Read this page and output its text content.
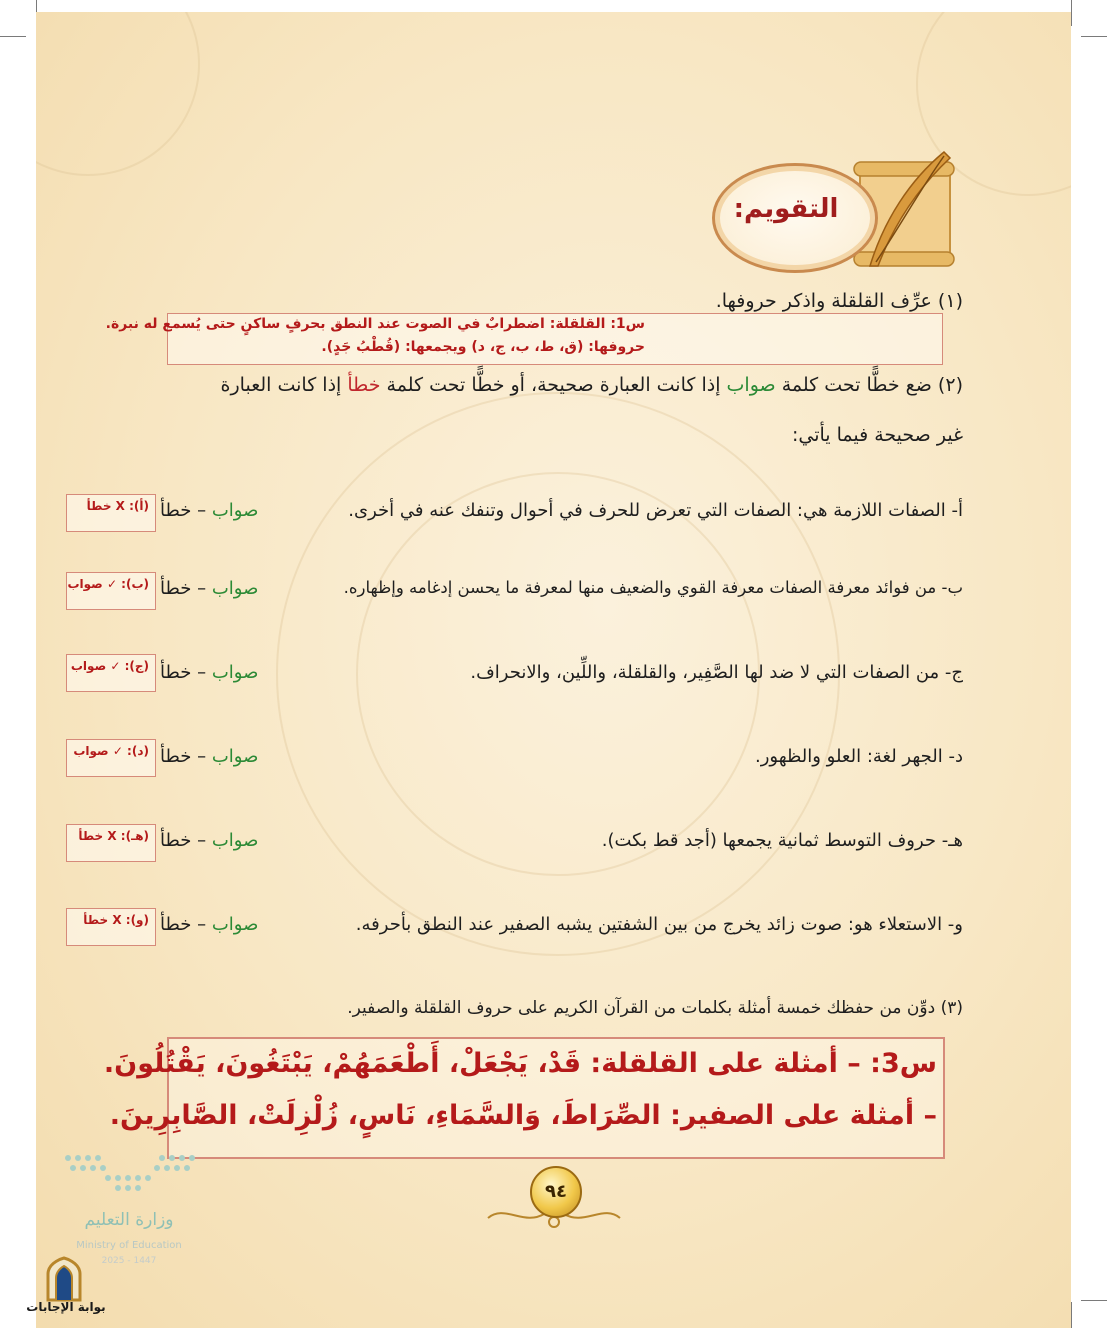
التقويم:
(١) عرِّف القلقلة واذكر حروفها.
س1: القلقلة: اضطرابٌ في الصوت عند النطق بحرفٍ ساكنٍ حتى يُسمع له نبرة.
حروفها: (ق، ط، ب، ج، د) ويجمعها: (قُطْبُ جَدٍ).
(٢) ضع خطًّا تحت كلمة صواب إذا كانت العبارة صحيحة، أو خطًّا تحت كلمة خطأ إذا كانت العبارة
غير صحيحة فيما يأتي:
أ- الصفات اللازمة هي: الصفات التي تعرض للحرف في أحوال وتنفك عنه في أخرى.
ب- من فوائد معرفة الصفات معرفة القوي والضعيف منها لمعرفة ما يحسن إدغامه وإظهاره.
ج- من الصفات التي لا ضد لها الصَّفِير، والقلقلة، واللِّين، والانحراف.
د- الجهر لغة: العلو والظهور.
هـ- حروف التوسط ثمانية يجمعها (أجد قط بكت).
و- الاستعلاء هو: صوت زائد يخرج من بين الشفتين يشبه الصفير عند النطق بأحرفه.
صواب – خطأ
صواب – خطأ
صواب – خطأ
صواب – خطأ
صواب – خطأ
صواب – خطأ
(أ): X خطأ
(ب): ✓ صواب
(ج): ✓ صواب
(د): ✓ صواب
(هـ): X خطأ
(و): X خطأ
(٣) دوِّن من حفظك خمسة أمثلة بكلمات من القرآن الكريم على حروف القلقلة والصفير.
س3: – أمثلة على القلقلة: قَدْ، يَجْعَلْ، أَطْعَمَهُمْ، يَبْتَغُونَ، يَقْتُلُونَ.
– أمثلة على الصفير: الصِّرَاطَ، وَالسَّمَاءِ، نَاسٍ، زُلْزِلَتْ، الصَّابِرِينَ.
٩٤
وزارة التعليم
Ministry of Education
2025 - 1447
بوابة الإجابات
